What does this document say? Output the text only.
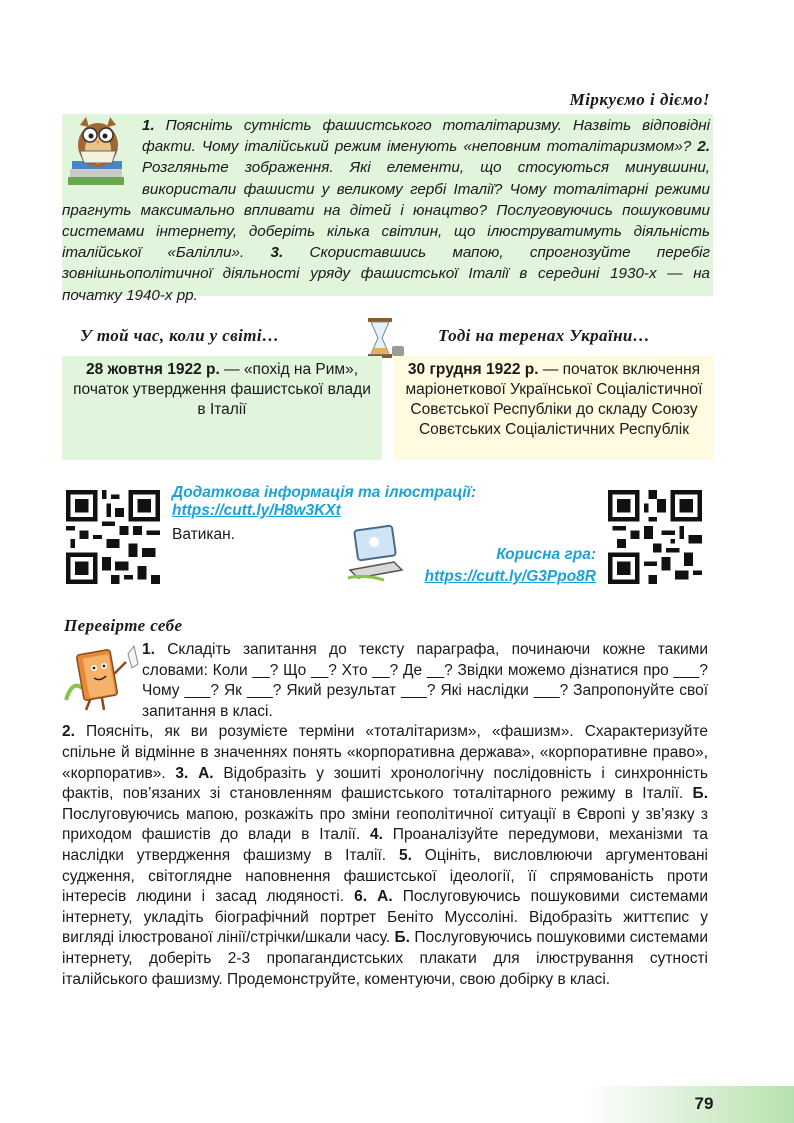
Міркуємо і діємо!
1. Поясніть сутність фашистського тоталітаризму. Назвіть відповідні факти. Чому італійський режим іменують «неповним тоталітаризмом»? 2. Розгляньте зображення. Які елементи, що стосуються минувшини, використали фашисти у великому гербі Італії? Чому тоталітарні режими прагнуть максимально впливати на дітей і юнацтво? Послуговуючись пошуковими системами інтернету, доберіть кілька світлин, що ілюструватимуть діяльність італійської «Балілли». 3. Скориставшись мапою, спрогнозуйте перебіг зовнішньополітичної діяльності уряду фашистської Італії в середині 1930-х — на початку 1940-х рр.
У той час, коли у світі…	Тоді на теренах України…
28 жовтня 1922 р. — «похід на Рим», початок утвердження фашистської влади в Італії
30 грудня 1922 р. — початок включення маріонеткової Української Соціалістичної Совєтської Республіки до складу Союзу Совєтських Соціалістичних Республік
Додаткова інформація та ілюстрації:
https://cutt.ly/H8w3KXt
Ватикан.
Корисна гра:
https://cutt.ly/G3Ppo8R
Перевірте себе
1. Складіть запитання до тексту параграфа, починаючи кожне такими словами: Коли __? Що __? Хто __? Де __? Звідки можемо дізнатися про ___? Чому ___? Як ___? Який результат ___? Які наслідки ___? Запропонуйте свої запитання в класі.
2. Поясніть, як ви розумієте терміни «тоталітаризм», «фашизм». Схарактеризуйте спільне й відмінне в значеннях понять «корпоративна держава», «корпоративне право», «корпоратив». 3. А. Відобразіть у зошиті хронологічну послідовність і синхронність фактів, пов’язаних зі становленням фашистського тоталітарного режиму в Італії. Б. Послуговуючись мапою, розкажіть про зміни геополітичної ситуації в Європі у зв’язку з приходом фашистів до влади в Італії. 4. Проаналізуйте передумови, механізми та наслідки утвердження фашизму в Італії. 5. Оцініть, висловлюючи аргументовані судження, світоглядне наповнення фашистської ідеології, її спрямованість проти інтересів людини і засад людяності. 6. А. Послуговуючись пошуковими системами інтернету, укладіть біографічний портрет Беніто Муссоліні. Відобразіть життєпис у вигляді ілюстрованої лінії/стрічки/шкали часу. Б. Послуговуючись пошуковими системами інтернету, доберіть 2-3 пропагандистських плакати для ілюстрування сутності італійського фашизму. Продемонструйте, коментуючи, свою добірку в класі.
79
